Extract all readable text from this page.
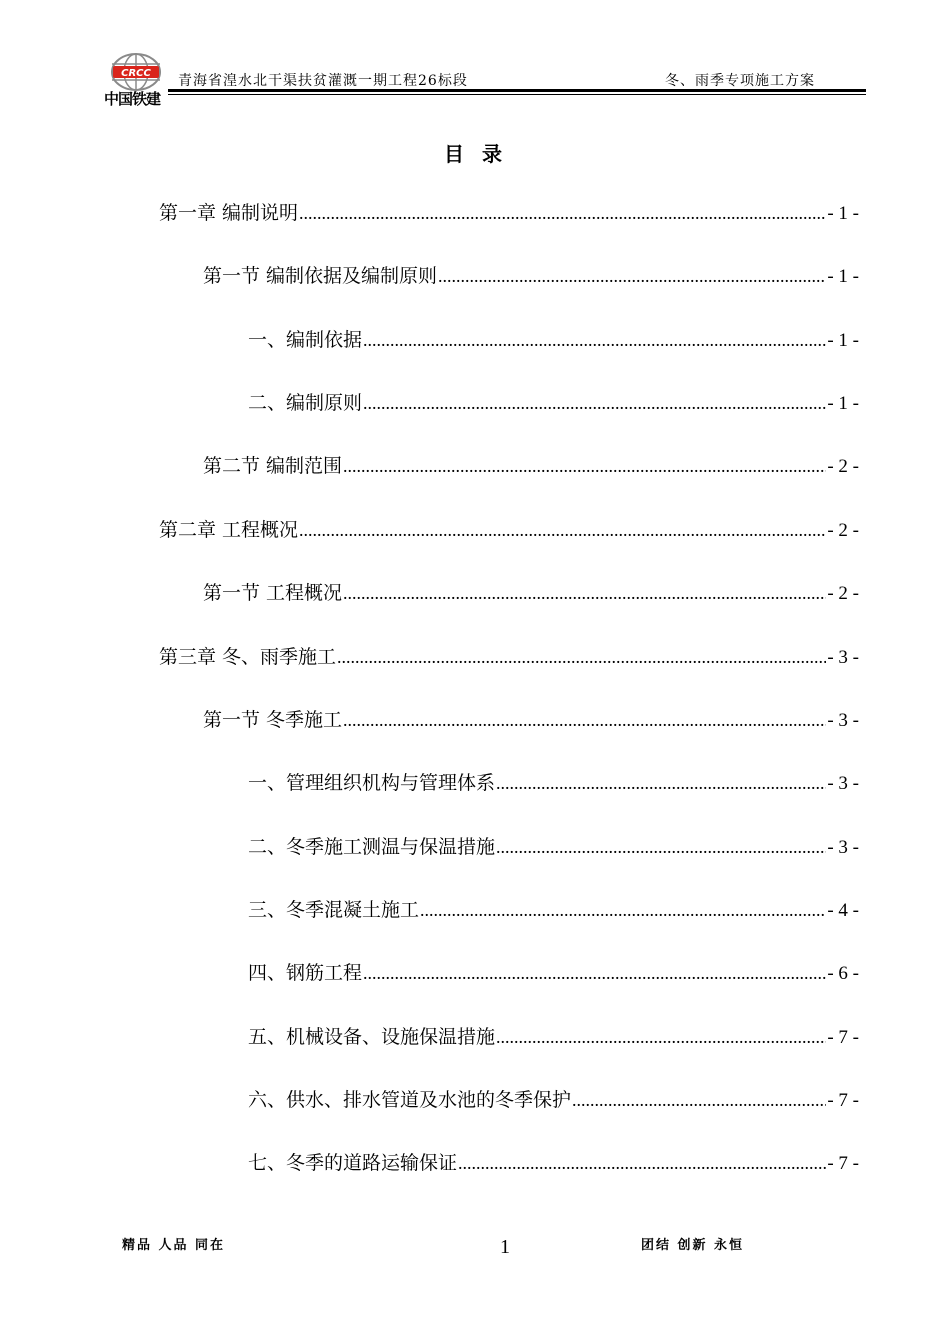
CRCC
中国铁建
青海省湟水北干渠扶贫灌溉一期工程26标段	冬、雨季专项施工方案
目录
第一章 编制说明 .....	- 1 -
第一节 编制依据及编制原则 .....	- 1 -
一、编制依据 .....	- 1 -
二、编制原则 .....	- 1 -
第二节 编制范围 .....	- 2 -
第二章 工程概况 .....	- 2 -
第一节 工程概况 .....	- 2 -
第三章 冬、雨季施工 .....	- 3 -
第一节 冬季施工 .....	- 3 -
一、管理组织机构与管理体系 .....	- 3 -
二、冬季施工测温与保温措施 .....	- 3 -
三、冬季混凝土施工 .....	- 4 -
四、钢筋工程 .....	- 6 -
五、机械设备、设施保温措施 .....	- 7 -
六、供水、排水管道及水池的冬季保护 .....	- 7 -
七、冬季的道路运输保证 .....	- 7 -
精品 人品 同在	1	团结 创新 永恒
